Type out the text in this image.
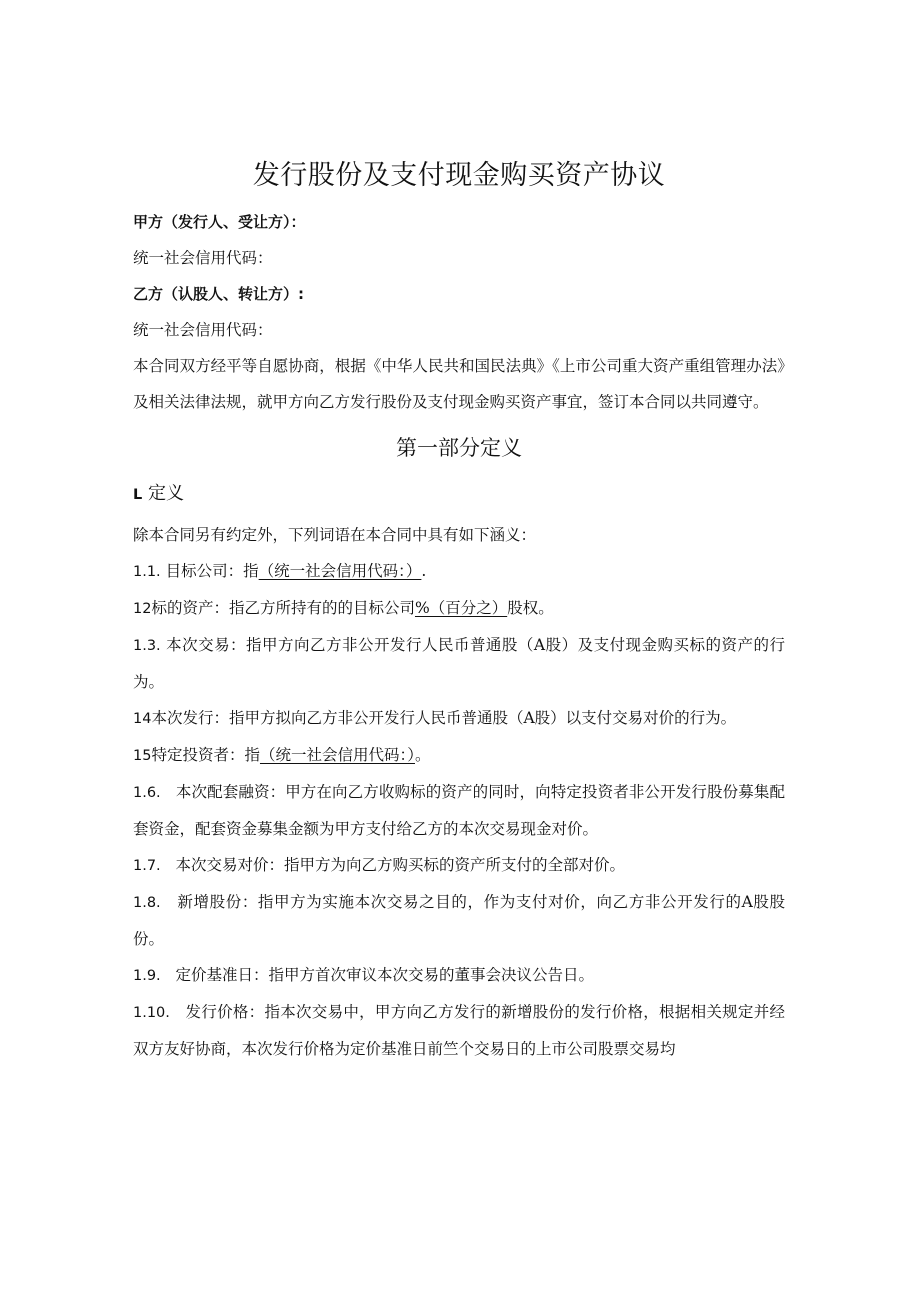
发行股份及支付现金购买资产协议

甲方（发行人、受让方）：

统一社会信用代码：

乙方（认股人、转让方）:

统一社会信用代码：

本合同双方经平等自愿协商，根据《中华人民共和国民法典》《上市公司重大资产重组管理办法》及相关法律法规，就甲方向乙方发行股份及支付现金购买资产事宜，签订本合同以共同遵守。

第一部分定义

L 定义

除本合同另有约定外，下列词语在本合同中具有如下涵义：

1.1. 目标公司：指（统一社会信用代码：）.

12标的资产：指乙方所持有的的目标公司%（百分之）股权。

1.3. 本次交易：指甲方向乙方非公开发行人民币普通股（A股）及支付现金购买标的资产的行为。

14本次发行：指甲方拟向乙方非公开发行人民币普通股（A股）以支付交易对价的行为。

15特定投资者：指（统一社会信用代码：）。

1.6. 本次配套融资：甲方在向乙方收购标的资产的同时，向特定投资者非公开发行股份募集配套资金，配套资金募集金额为甲方支付给乙方的本次交易现金对价。

1.7. 本次交易对价：指甲方为向乙方购买标的资产所支付的全部对价。

1.8. 新增股份：指甲方为实施本次交易之目的，作为支付对价，向乙方非公开发行的A股股份。

1.9. 定价基准日：指甲方首次审议本次交易的董事会决议公告日。

1.10. 发行价格：指本次交易中，甲方向乙方发行的新增股份的发行价格，根据相关规定并经双方友好协商，本次发行价格为定价基准日前竺个交易日的上市公司股票交易均
